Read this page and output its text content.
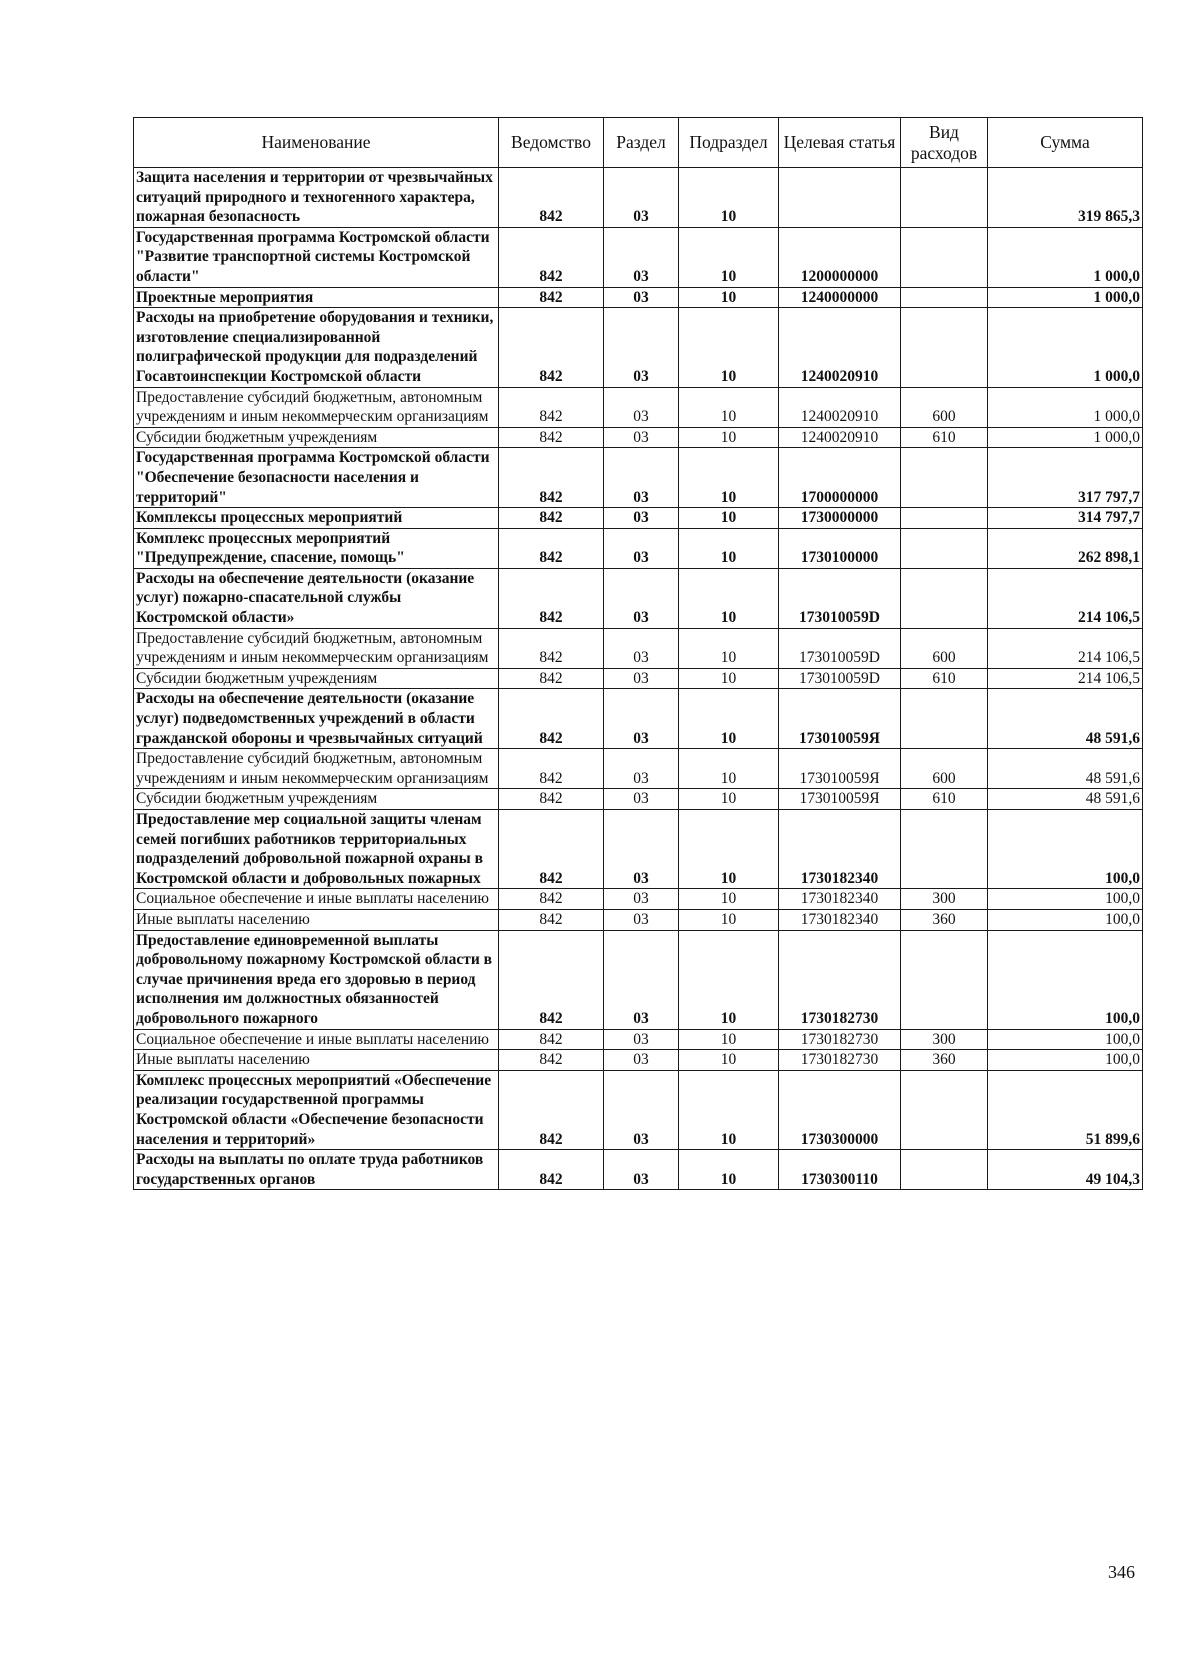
Наименование	Ведомство	Раздел	Подраздел	Целевая статья	Вид расходов	Сумма
Защита населения и территории от чрезвычайных ситуаций природного и техногенного характера, пожарная безопасность	842	03	10			319 865,3
Государственная программа Костромской области "Развитие транспортной системы Костромской области"	842	03	10	1200000000		1 000,0
Проектные мероприятия	842	03	10	1240000000		1 000,0
Расходы на приобретение оборудования и техники, изготовление специализированной полиграфической продукции для подразделений Госавтоинспекции Костромской области	842	03	10	1240020910		1 000,0
Предоставление субсидий бюджетным, автономным учреждениям и иным некоммерческим организациям	842	03	10	1240020910	600	1 000,0
Субсидии бюджетным учреждениям	842	03	10	1240020910	610	1 000,0
Государственная программа Костромской области "Обеспечение безопасности населения и территорий"	842	03	10	1700000000		317 797,7
Комплексы процессных мероприятий	842	03	10	1730000000		314 797,7
Комплекс процессных мероприятий "Предупреждение, спасение, помощь"	842	03	10	1730100000		262 898,1
Расходы на обеспечение деятельности (оказание услуг) пожарно-спасательной службы Костромской области»	842	03	10	173010059D		214 106,5
Предоставление субсидий бюджетным, автономным учреждениям и иным некоммерческим организациям	842	03	10	173010059D	600	214 106,5
Субсидии бюджетным учреждениям	842	03	10	173010059D	610	214 106,5
Расходы на обеспечение деятельности (оказание услуг) подведомственных учреждений в области гражданской обороны и чрезвычайных ситуаций	842	03	10	173010059Я		48 591,6
Предоставление субсидий бюджетным, автономным учреждениям и иным некоммерческим организациям	842	03	10	173010059Я	600	48 591,6
Субсидии бюджетным учреждениям	842	03	10	173010059Я	610	48 591,6
Предоставление мер социальной защиты членам семей погибших работников территориальных подразделений добровольной пожарной охраны в Костромской области и добровольных пожарных	842	03	10	1730182340		100,0
Социальное обеспечение и иные выплаты населению	842	03	10	1730182340	300	100,0
Иные выплаты населению	842	03	10	1730182340	360	100,0
Предоставление единовременной выплаты добровольному пожарному Костромской области в случае причинения вреда его здоровью в период исполнения им должностных обязанностей добровольного пожарного	842	03	10	1730182730		100,0
Социальное обеспечение и иные выплаты населению	842	03	10	1730182730	300	100,0
Иные выплаты населению	842	03	10	1730182730	360	100,0
Комплекс процессных мероприятий «Обеспечение реализации государственной программы Костромской области «Обеспечение безопасности населения и территорий»	842	03	10	1730300000		51 899,6
Расходы на выплаты по оплате труда работников государственных органов	842	03	10	1730300110		49 104,3
346
